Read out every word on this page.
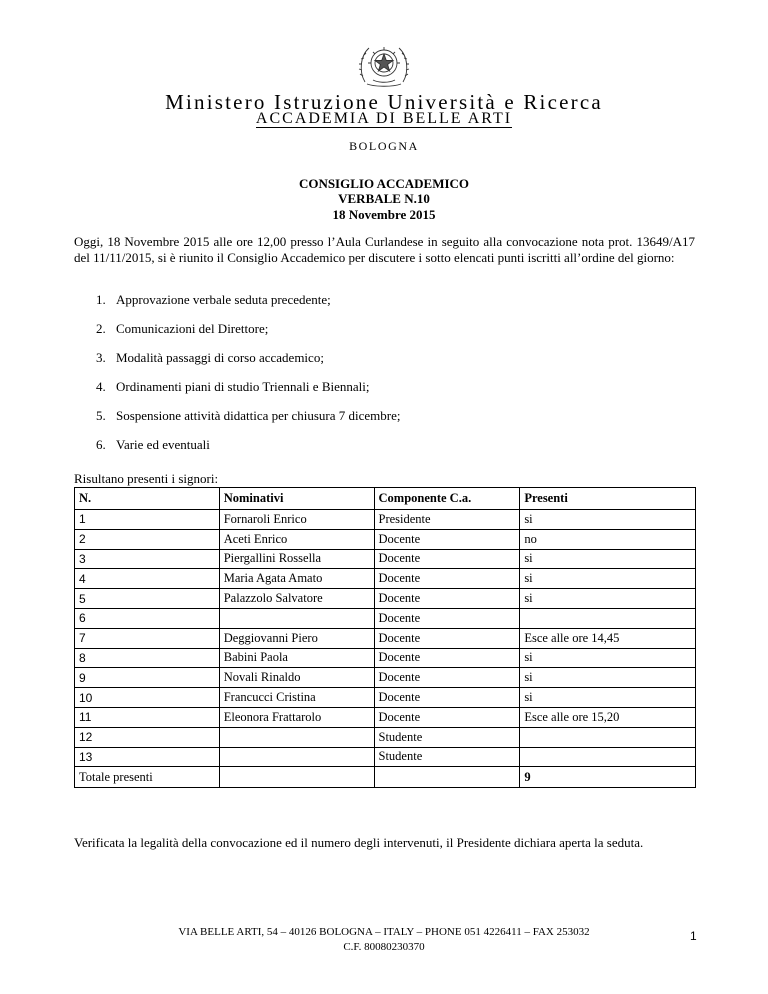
Ministero Istruzione Università e Ricerca
ACCADEMIA DI BELLE ARTI
BOLOGNA
CONSIGLIO ACCADEMICO
VERBALE N.10
18 Novembre 2015
Oggi, 18 Novembre 2015 alle ore 12,00 presso l’Aula Curlandese in seguito alla convocazione nota prot. 13649/A17 del 11/11/2015, si è riunito il Consiglio Accademico per discutere i sotto elencati punti iscritti all’ordine del giorno:
1. Approvazione verbale seduta precedente;
2. Comunicazioni del Direttore;
3. Modalità passaggi di corso accademico;
4. Ordinamenti piani di studio Triennali e Biennali;
5. Sospensione attività didattica per chiusura 7 dicembre;
Risultano presenti i signori:
N.	Nominativi	Componente C.a.	Presenti
1	Fornaroli Enrico	Presidente	si
2	Aceti Enrico	Docente	no
3	Piergallini Rossella	Docente	si
4	Maria Agata Amato	Docente	si
5	Palazzolo Salvatore	Docente	si
6		Docente	
7	Deggiovanni Piero	Docente	Esce alle ore 14,45
8	Babini Paola	Docente	si
9	Novali Rinaldo	Docente	si
10	Francucci Cristina	Docente	si
11	Eleonora Frattarolo	Docente	Esce alle ore 15,20
12		Studente	
13		Studente	
Totale presenti			9
Verificata la legalità della convocazione ed il numero degli intervenuti, il Presidente dichiara aperta la seduta.
VIA BELLE ARTI, 54 – 40126 BOLOGNA – ITALY – PHONE 051 4226411 – FAX 253032
C.F. 80080230370
1
6. Varie ed eventuali
